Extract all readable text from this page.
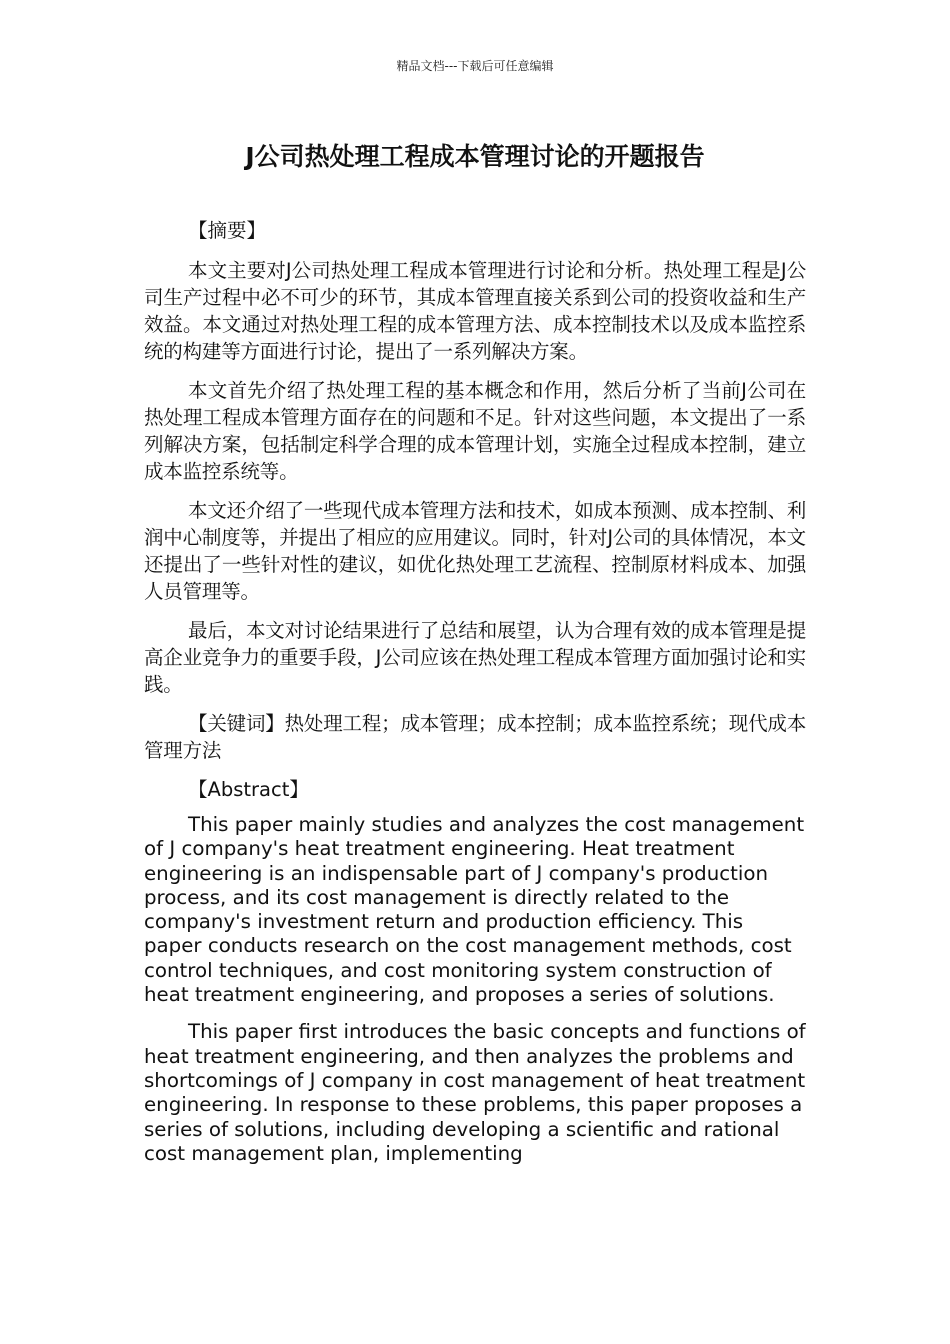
精品文档---下载后可任意编辑
J公司热处理工程成本管理讨论的开题报告

【摘要】

本文主要对J公司热处理工程成本管理进行讨论和分析。热处理工程是J公司生产过程中必不可少的环节，其成本管理直接关系到公司的投资收益和生产效益。本文通过对热处理工程的成本管理方法、成本控制技术以及成本监控系统的构建等方面进行讨论，提出了一系列解决方案。

本文首先介绍了热处理工程的基本概念和作用，然后分析了当前J公司在热处理工程成本管理方面存在的问题和不足。针对这些问题，本文提出了一系列解决方案，包括制定科学合理的成本管理计划，实施全过程成本控制，建立成本监控系统等。

本文还介绍了一些现代成本管理方法和技术，如成本预测、成本控制、利润中心制度等，并提出了相应的应用建议。同时，针对J公司的具体情况，本文还提出了一些针对性的建议，如优化热处理工艺流程、控制原材料成本、加强人员管理等。

最后，本文对讨论结果进行了总结和展望，认为合理有效的成本管理是提高企业竞争力的重要手段，J公司应该在热处理工程成本管理方面加强讨论和实践。

【关键词】热处理工程；成本管理；成本控制；成本监控系统；现代成本管理方法

【Abstract】

This paper mainly studies and analyzes the cost management of J company's heat treatment engineering. Heat treatment engineering is an indispensable part of J company's production process, and its cost management is directly related to the company's investment return and production efficiency. This paper conducts research on the cost management methods, cost control techniques, and cost monitoring system construction of heat treatment engineering, and proposes a series of solutions.

This paper first introduces the basic concepts and functions of heat treatment engineering, and then analyzes the problems and shortcomings of J company in cost management of heat treatment engineering. In response to these problems, this paper proposes a series of solutions, including developing a scientific and rational cost management plan, implementing
